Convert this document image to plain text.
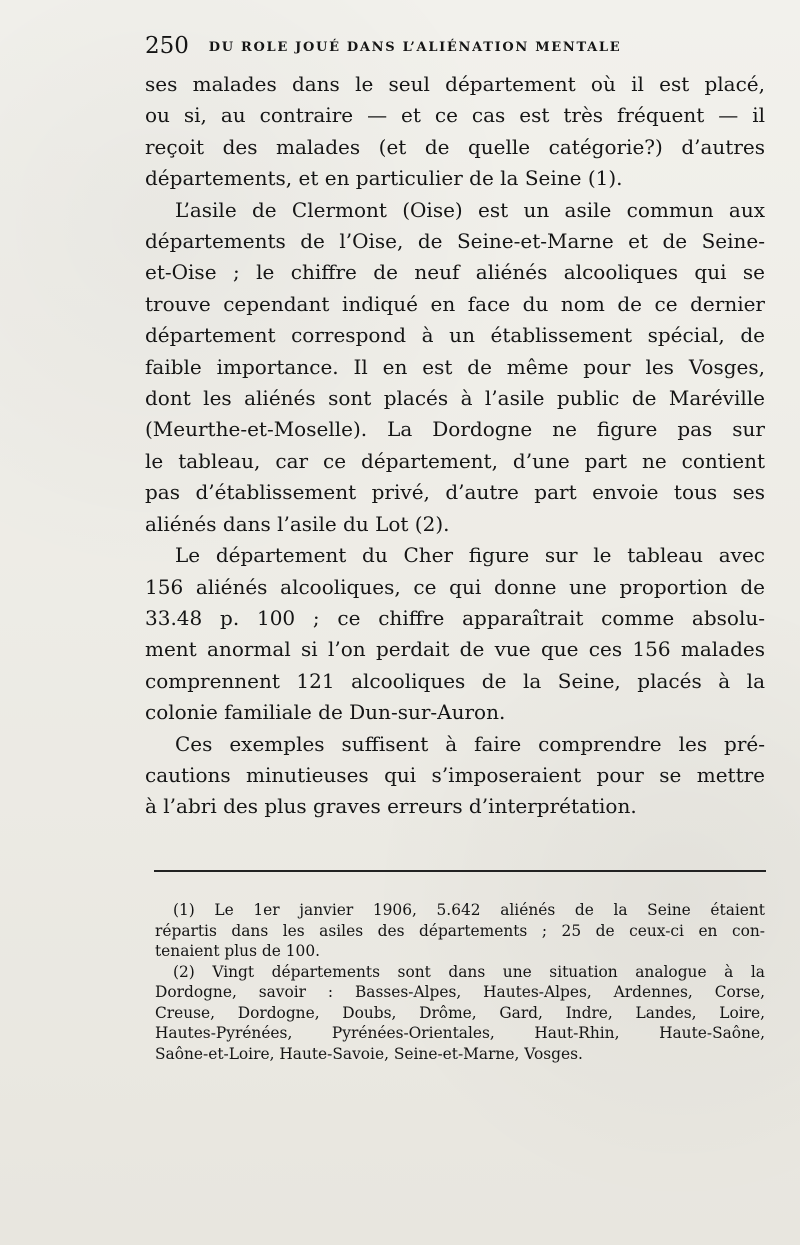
250 DU ROLE JOUÉ DANS L’ALIÉNATION MENTALE
ses malades dans le seul département où il est placé,
ou si, au contraire — et ce cas est très fréquent — il
reçoit des malades (et de quelle catégorie?) d’autres
départements, et en particulier de la Seine (1).
L’asile de Clermont (Oise) est un asile commun aux
départements de l’Oise, de Seine-et-Marne et de Seine-
et-Oise ; le chiffre de neuf aliénés alcooliques qui se
trouve cependant indiqué en face du nom de ce dernier
département correspond à un établissement spécial, de
faible importance. Il en est de même pour les Vosges,
dont les aliénés sont placés à l’asile public de Maréville
(Meurthe-et-Moselle). La Dordogne ne figure pas sur
le tableau, car ce département, d’une part ne contient
pas d’établissement privé, d’autre part envoie tous ses
aliénés dans l’asile du Lot (2).
Le département du Cher figure sur le tableau avec
156 aliénés alcooliques, ce qui donne une proportion de
33.48 p. 100 ; ce chiffre apparaîtrait comme absolu-
ment anormal si l’on perdait de vue que ces 156 malades
comprennent 121 alcooliques de la Seine, placés à la
colonie familiale de Dun-sur-Auron.
Ces exemples suffisent à faire comprendre les pré-
cautions minutieuses qui s’imposeraient pour se mettre
à l’abri des plus graves erreurs d’interprétation.
(1) Le 1er janvier 1906, 5.642 aliénés de la Seine étaient
répartis dans les asiles des départements ; 25 de ceux-ci en con-
tenaient plus de 100.
(2) Vingt départements sont dans une situation analogue à la
Dordogne, savoir : Basses-Alpes, Hautes-Alpes, Ardennes, Corse,
Creuse, Dordogne, Doubs, Drôme, Gard, Indre, Landes, Loire,
Hautes-Pyrénées, Pyrénées-Orientales, Haut-Rhin, Haute-Saône,
Saône-et-Loire, Haute-Savoie, Seine-et-Marne, Vosges.
